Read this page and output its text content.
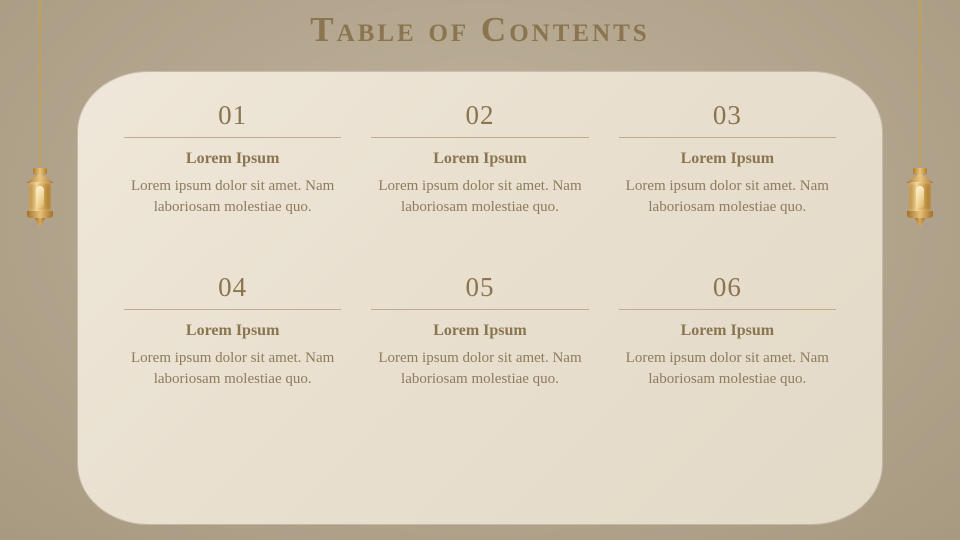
Table of Contents
01
Lorem Ipsum
Lorem ipsum dolor sit amet. Nam laboriosam molestiae quo.
02
Lorem Ipsum
Lorem ipsum dolor sit amet. Nam laboriosam molestiae quo.
03
Lorem Ipsum
Lorem ipsum dolor sit amet. Nam laboriosam molestiae quo.
04
Lorem Ipsum
Lorem ipsum dolor sit amet. Nam laboriosam molestiae quo.
05
Lorem Ipsum
Lorem ipsum dolor sit amet. Nam laboriosam molestiae quo.
06
Lorem Ipsum
Lorem ipsum dolor sit amet. Nam laboriosam molestiae quo.
